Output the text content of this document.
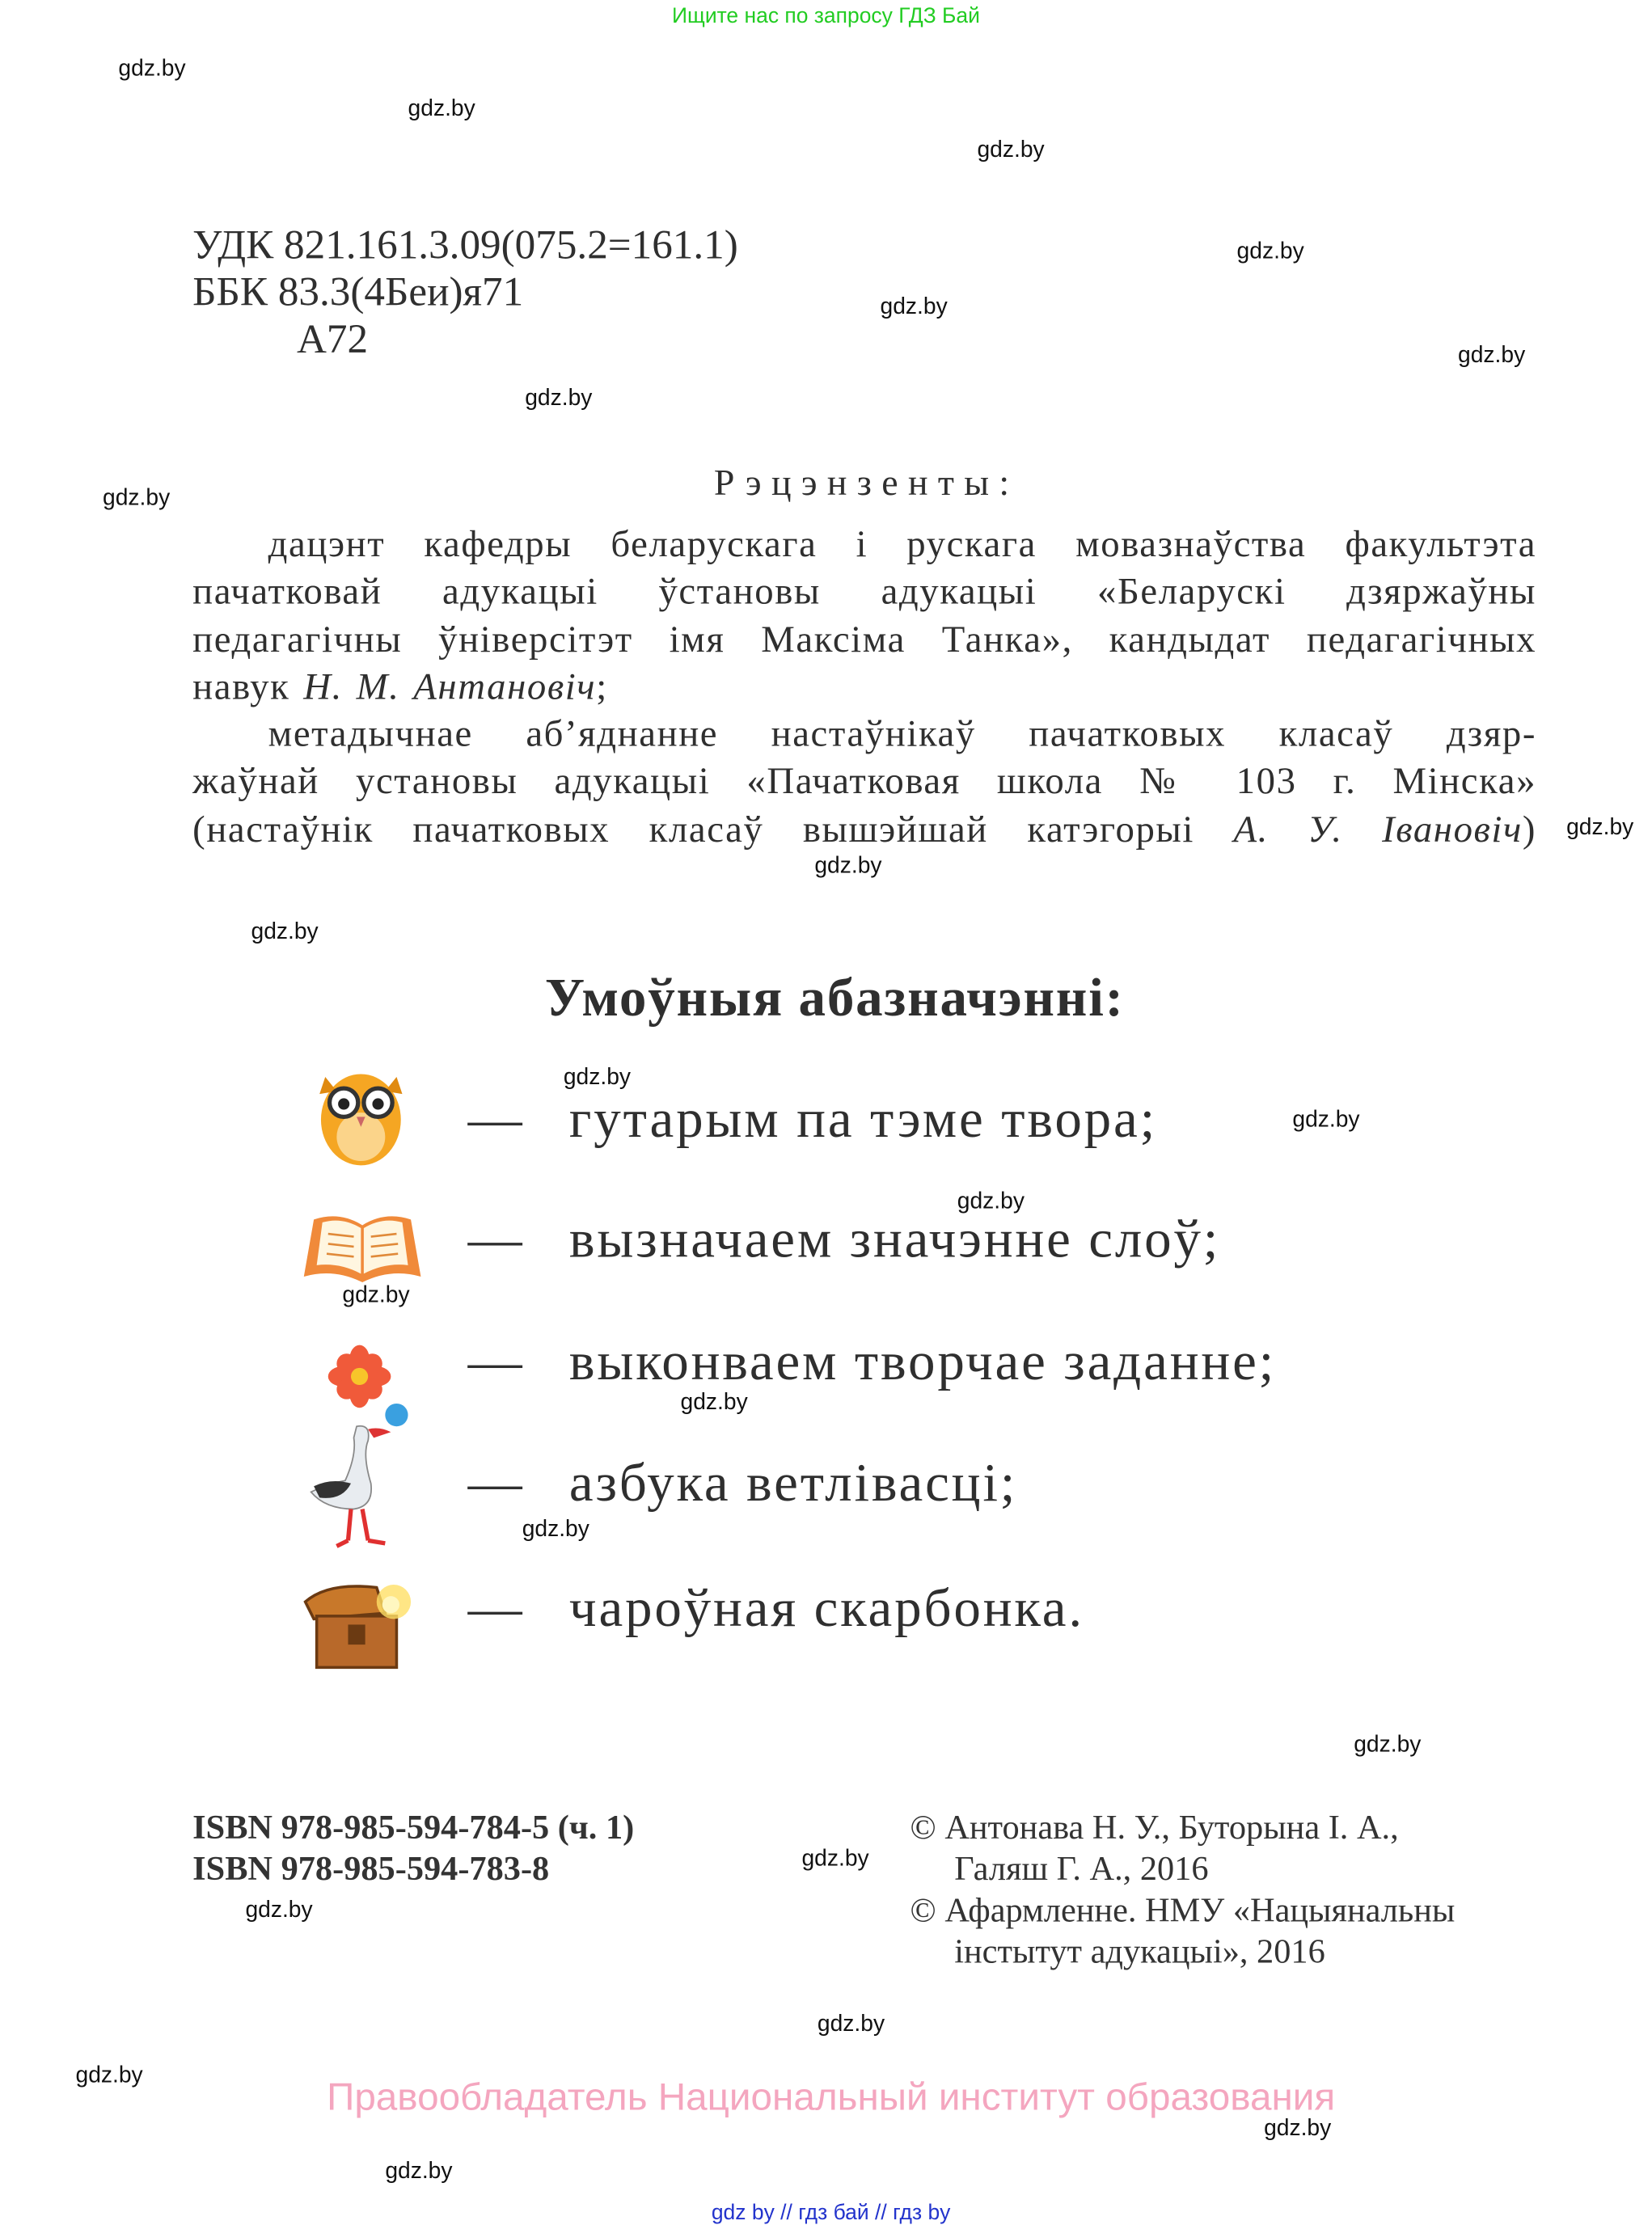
Ищите нас по запросу ГДЗ Бай
gdz.by
gdz.by
gdz.by
gdz.by
gdz.by
gdz.by
gdz.by
gdz.by
gdz.by
gdz.by
gdz.by
gdz.by
gdz.by
gdz.by
gdz.by
gdz.by
gdz.by
gdz.by
gdz.by
gdz.by
gdz.by
gdz.by
gdz.by
gdz.by
УДК 821.161.3.09(075.2=161.1)
ББК 83.3(4Беи)я71
А72
Рэцэнзенты:
дацэнт кафедры беларускага і рускага мовазнаўства факультэта
пачатковай адукацыі ўстановы адукацыі «Беларускі дзяржаўны
педагагічны ўніверсітэт імя Максіма Танка», кандыдат педагагічных
навук Н. М. Антановіч;
метадычнае аб’яднанне настаўнікаў пачатковых класаў дзяр-
жаўнай установы адукацыі «Пачатковая школа № 103 г. Мінска»
(настаўнік пачатковых класаў вышэйшай катэгорыі А. У. Івановіч)
Умоўныя абазначэнні:
— гутарым па тэме твора;
— вызначаем значэнне слоў;
— выконваем творчае заданне;
— азбука ветлівасці;
— чароўная скарбонка.
ISBN 978-985-594-784-5 (ч. 1)
ISBN 978-985-594-783-8
© Антонава Н. У., Буторына І. А.,
Галяш Г. А., 2016
© Афармленне. НМУ «Нацыянальны
інстытут адукацыі», 2016
Правообладатель Национальный институт образования
gdz by // гдз бай // гдз by
